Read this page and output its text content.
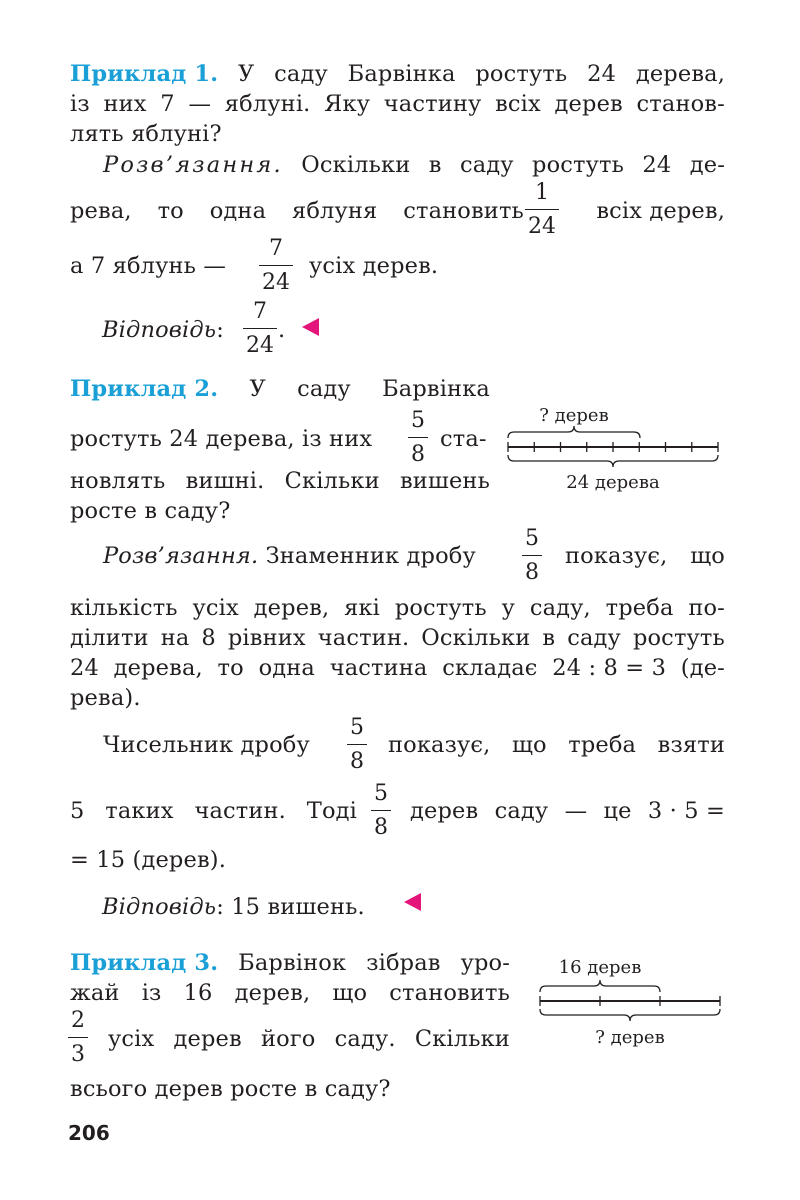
Приклад 1. У саду Барвінка ростуть 24 дерева,
із них 7 — яблуні. Яку частину всіх дерев станов-
лять яблуні?
Розв’язання. Оскільки в саду ростуть 24 де-
рева, то одна яблуня становить
1
24
всіх дерев,
а 7 яблунь —
7
24
усіх дерев.
Відповідь:
7
24
.
Приклад 2. У саду Барвінка
ростуть 24 дерева, із них
5
8
ста-
новлять вишні. Скільки вишень
росте в саду?
? дерев
24 дерева
Розв’язання. Знаменник дробу
5
8
показує, що
кількість усіх дерев, які ростуть у саду, треба по-
ділити на 8 рівних частин. Оскільки в саду ростуть
24 дерева, то одна частина складає 24 : 8 = 3 (де-
рева).
Чисельник дробу
5
8
показує, що треба взяти
5 таких частин. Тоді
5
8
дерев саду — це 3 · 5 =
= 15 (дерев).
Відповідь: 15 вишень.
Приклад 3. Барвінок зібрав уро-
жай із 16 дерев, що становить
2
3
усіх дерев його саду. Скільки
всього дерев росте в саду?
16 дерев
? дерев
206
